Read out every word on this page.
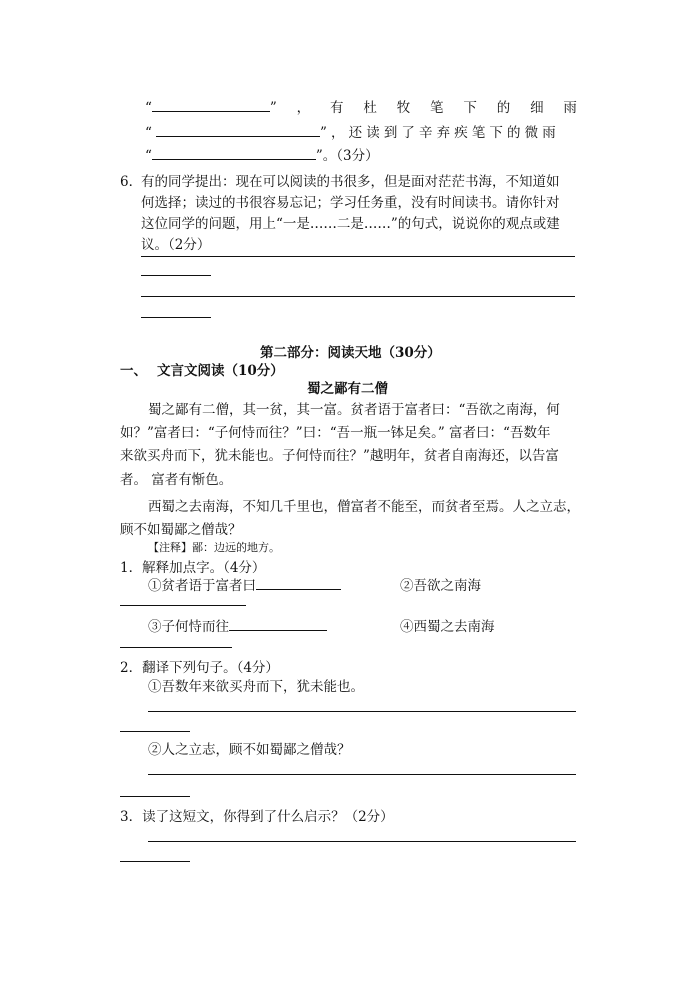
“	” ， 有 杜 牧 笔 下 的 细 雨
“	”，还读到了辛弃疾笔下的微雨
“	”。（3分）
6．
有的同学提出：现在可以阅读的书很多，但是面对茫茫书海，不知道如
何选择；读过的书很容易忘记；学习任务重，没有时间读书。请你针对
这位同学的问题，用上“一是……二是……”的句式，说说你的观点或建
议。（2分）
第二部分：阅读天地（30分）
一、 文言文阅读（10分）
蜀之鄙有二僧
蜀之鄙有二僧，其一贫，其一富。贫者语于富者曰：“吾欲之南海，何
如？”富者曰：“子何恃而往？”曰：“吾一瓶一钵足矣。” 富者曰：“吾数年
来欲买舟而下，犹未能也。子何恃而往？”越明年，贫者自南海还，以告富
者。 富者有惭色。
西蜀之去南海，不知几千里也，僧富者不能至，而贫者至焉。人之立志，
顾不如蜀鄙之僧哉？
【注释】鄙：边远的地方。
1．解释加点字。（4分）
①贫者语于富者曰	②吾欲之南海
③子何恃而往	④西蜀之去南海
2．翻译下列句子。（4分）
①吾数年来欲买舟而下，犹未能也。
②人之立志，顾不如蜀鄙之僧哉？
3．读了这短文，你得到了什么启示？（2分）
